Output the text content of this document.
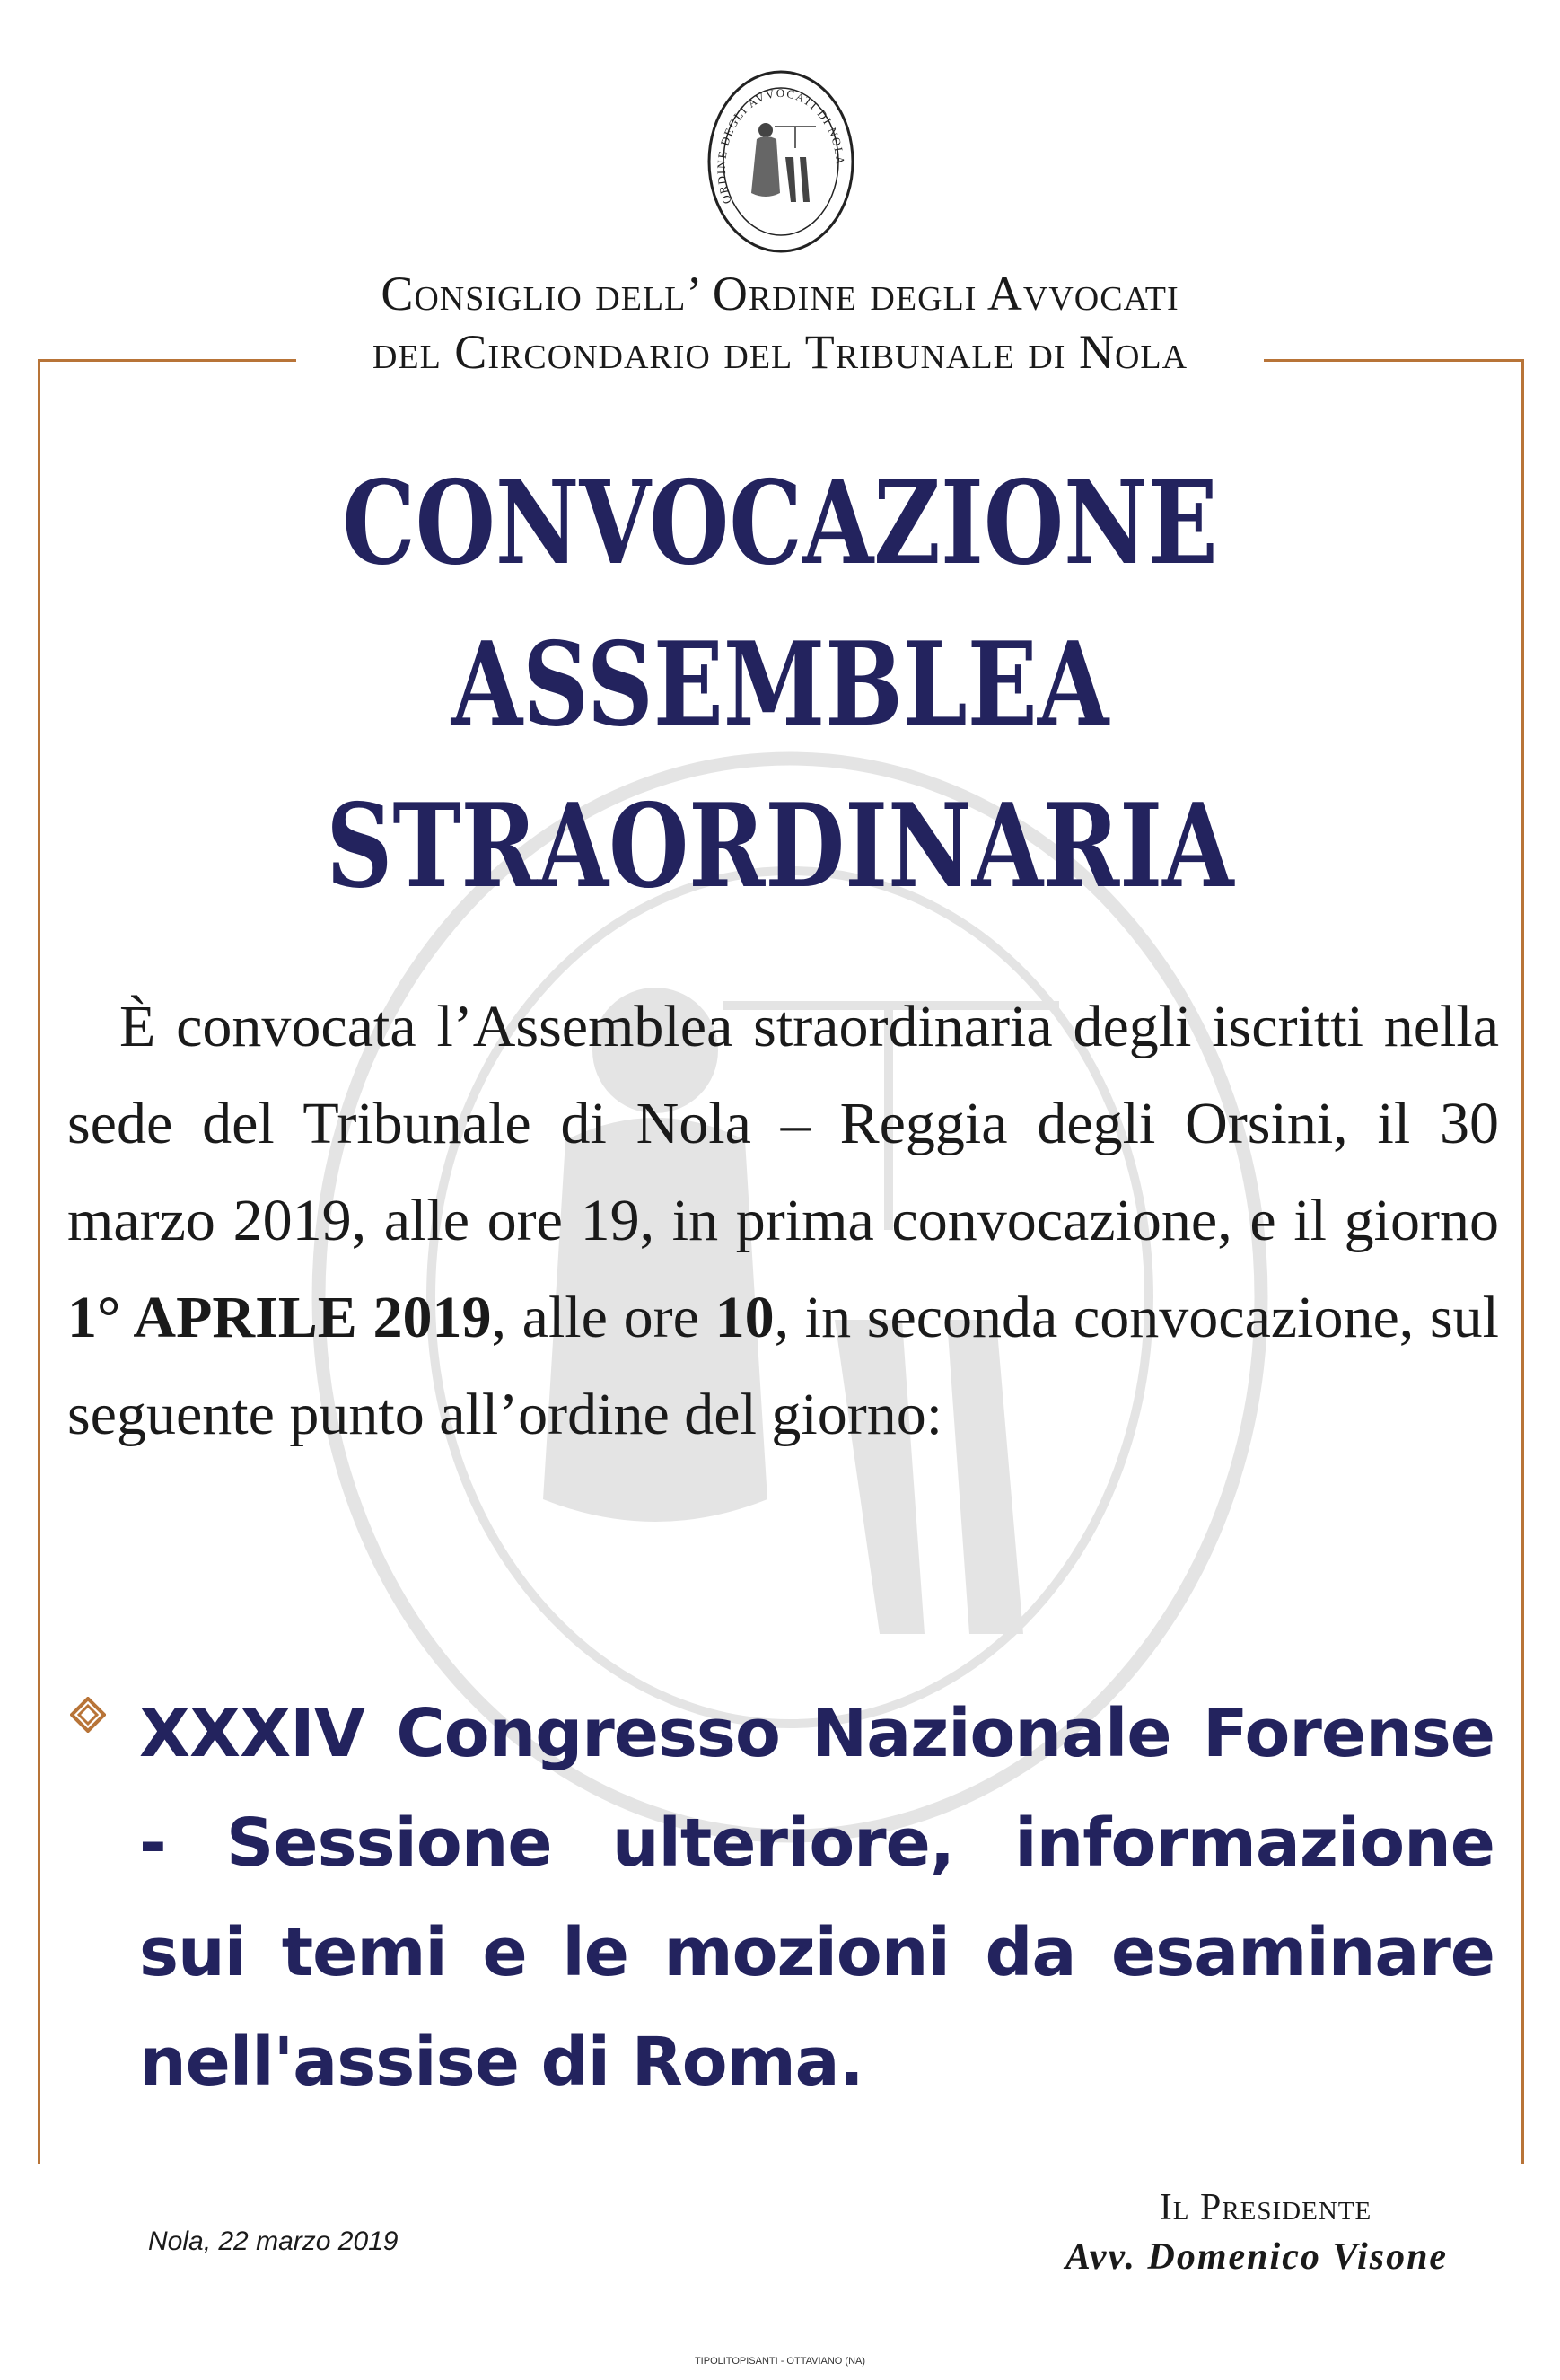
ORDINE DEGLI AVVOCATI DI NOLA
Consiglio dell’ Ordine degli Avvocati
del Circondario del Tribunale di Nola
CONVOCAZIONE
ASSEMBLEA
STRAORDINARIA
È convocata l’Assemblea straordinaria degli iscritti nella sede del Tribunale di Nola – Reggia degli Orsini, il 30 marzo 2019, alle ore 19, in prima convocazione, e il giorno 1° APRILE 2019, alle ore 10, in seconda convocazione, sul seguente punto all’ordine del giorno:
XXXIV Congresso Nazionale Forense - Sessione ulteriore, informazione sui temi e le mozioni da esaminare nell'assise di Roma.
Il Presidente
Avv. Domenico Visone
Nola, 22 marzo 2019
TIPOLITOPISANTI - OTTAVIANO (NA)
